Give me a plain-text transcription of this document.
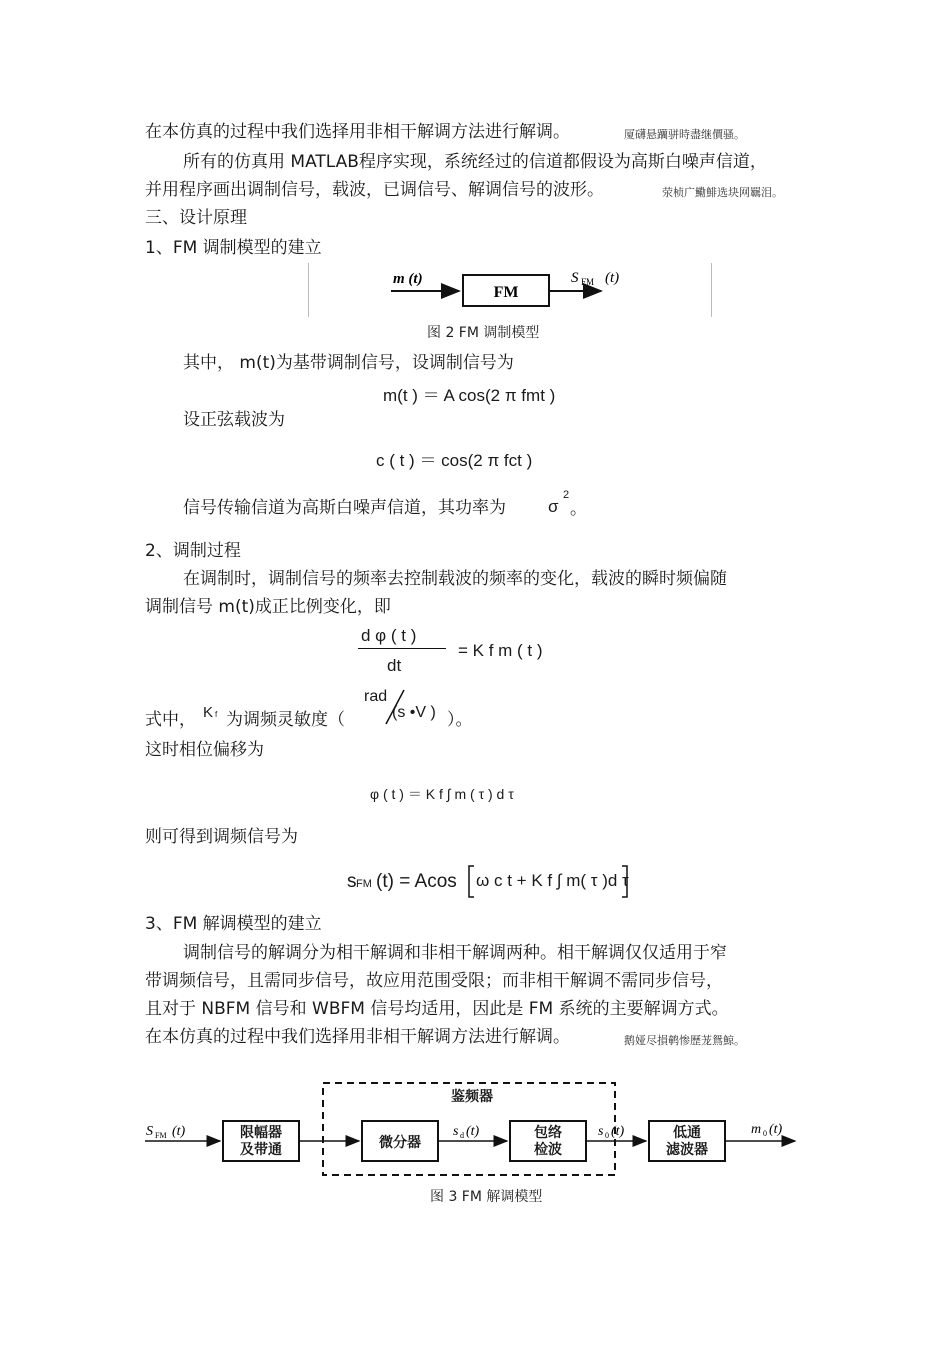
在本仿真的过程中我们选择用非相干解调方法进行解调。	厦礴悬躪骈時盡继價骚。
所有的仿真用 MATLAB程序实现，系统经过的信道都假设为高斯白噪声信道，
并用程序画出调制信号，载波，已调信号、解调信号的波形。	荥桢广鰳鯡选块网羈泪。
三、设计原理
1、FM 调制模型的建立
FM
m (t)	S FM (t)
图 2 FM 调制模型
其中， m(t)为基带调制信号，设调制信号为
m(t ) ＝ A cos(2 π fmt )
设正弦载波为
c ( t ) ＝ cos(2 π fct )
信号传输信道为高斯白噪声信道，其功率为 σ
2
。
2、调制过程
在调制时，调制信号的频率去控制载波的频率的变化，载波的瞬时频偏随
调制信号 m(t)成正比例变化，即
d φ ( t )
dt
= K f m ( t )
式中， K f 为调频灵敏度（
rad
(s •V ) ）。
这时相位偏移为
φ ( t ) ＝ K f ∫ m ( τ ) d τ
则可得到调频信号为
s FM (t) = Acos ω c t + K f ∫ m( τ )d τ
3、FM 解调模型的建立
调制信号的解调分为相干解调和非相干解调两种。相干解调仅仅适用于窄
带调频信号，且需同步信号，故应用范围受限；而非相干解调不需同步信号，
且对于 NBFM 信号和 WBFM 信号均适用，因此是 FM 系统的主要解调方式。
在本仿真的过程中我们选择用非相干解调方法进行解调。	鹅娅尽損鹌惨歷茏鴛鯨。
S FM (t)	s d (t)	s 0 (t)	m 0 (t)
鉴频器
限幅器
及带通	微分器
包络
检波
低通
滤波器
图 3 FM 解调模型
